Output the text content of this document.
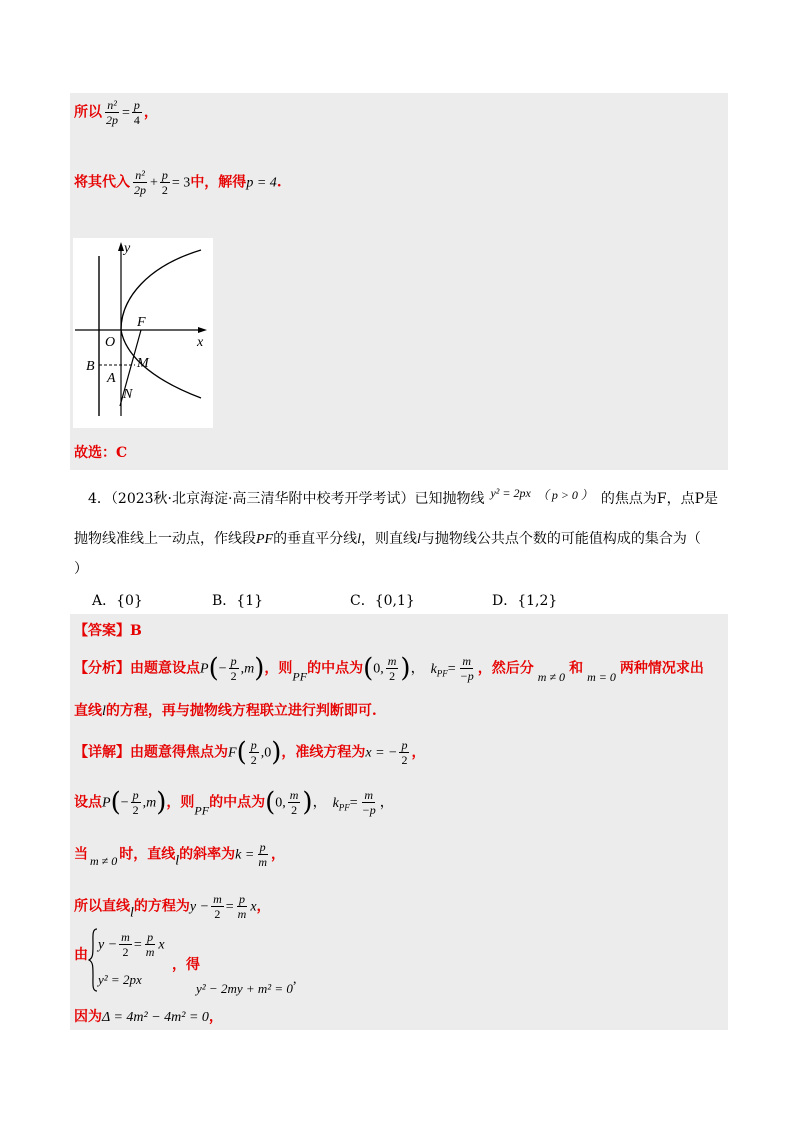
所以 $\frac{\text{n²}}{2p} = \frac{p}{4}$ ，
将其代入 $\frac{\text{n²}}{2p} + \frac{p}{2} = 3$中，解得p = 4.
y
x
O
F
B
A
M
N
故选：C
4．（2023秋·北京海淀·高三清华附中校考开学考试）已知抛物线 y² = 2px （ p > 0 ） 的焦点为F，点P是
抛物线准线上一动点，作线段PF的垂直平分线l，则直线l与抛物线公共点个数的可能值构成的集合为（
）
A．{0}	B．{1}	C．{0,1}	D．{1,2}
【答案】B
【分析】由题意设点$P(- \frac{p}{2} ,m)$，则PF的中点为(0, $\frac{m}{2}$ )， $k_{PF}= \frac{m}{-p}$ ，然后分 m ≠ 0 和 m = 0 两种情况求出
直线l的方程，再与抛物线方程联立进行判断即可.
【详解】由题意得焦点为$F( \frac{p}{2} ,0)$，准线方程为x = − $\frac{p}{2}$ ，
设点$P(- \frac{p}{2} ,m)$，则PF的中点为(0, $\frac{m}{2}$ )， $k_{PF}= \frac{m}{-p}$ ，
当 m ≠ 0 时，直线l的斜率为$k = \frac{p}{m}$ ，
所以直线l的方程为$y - \frac{m}{2} = \frac{p}{m}$ x，
由
$y - \frac{m}{2} = \frac{p}{m}$ x
y² = 2px
，得
y² − 2my + m² = 0,
因为Δ = 4m² − 4m² = 0，
